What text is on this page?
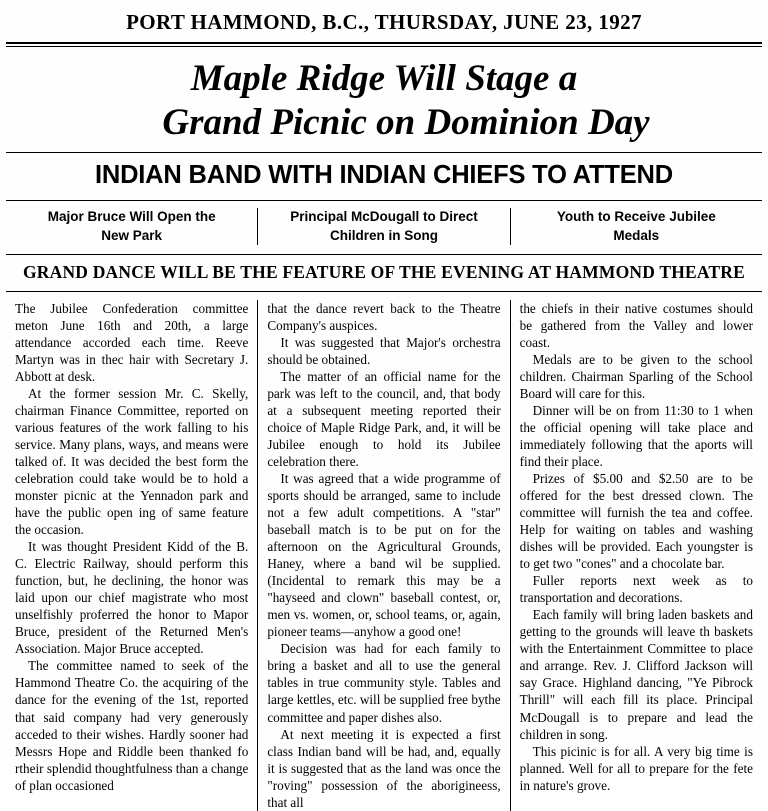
PORT HAMMOND, B.C., THURSDAY, JUNE 23, 1927
Maple Ridge Will Stage a
Grand Picnic on Dominion Day
INDIAN BAND WITH INDIAN CHIEFS TO ATTEND
Major Bruce Will Open the
New Park
Principal McDougall to Direct
Children in Song
Youth to Receive Jubilee
Medals
GRAND DANCE WILL BE THE FEATURE OF THE EVENING AT HAMMOND THEATRE

The Jubilee Confederation committee meton June 16th and 20th, a large attendance accorded each time. Reeve Martyn was in thec hair with Secretary J. Abbott at desk.

At the former session Mr. C. Skelly, chairman Finance Committee, reported on various features of the work falling to his service. Many plans, ways, and means were talked of. It was decided the best form the celebration could take would be to hold a monster picnic at the Yennadon park and have the public open ing of same feature the occasion.

It was thought President Kidd of the B. C. Electric Railway, should perform this function, but, he declining, the honor was laid upon our chief magistrate who most unselfishly proferred the honor to Mapor Bruce, president of the Returned Men's Association. Major Bruce accepted.

The committee named to seek of the Hammond Theatre Co. the acquiring of the dance for the evening of the 1st, reported that said company had very generously acceded to their wishes. Hardly sooner had Messrs Hope and Riddle been thanked fo rtheir splendid thoughtfulness than a change of plan occasioned

that the dance revert back to the Theatre Company's auspices.

It was suggested that Major's orchestra should be obtained.

The matter of an official name for the park was left to the council, and, that body at a subsequent meeting reported their choice of Maple Ridge Park, and, it will be Jubilee enough to hold its Jubilee celebration there.

It was agreed that a wide programme of sports should be arranged, same to include not a few adult competitions. A "star" baseball match is to be put on for the afternoon on the Agricultural Grounds, Haney, where a band wil be supplied. (Incidental to remark this may be a "hayseed and clown" baseball contest, or, men vs. women, or, school teams, or, again, pioneer teams—anyhow a good one!

Decision was had for each family to bring a basket and all to use the general tables in true community style. Tables and large kettles, etc. will be supplied free bythe committee and paper dishes also.

At next meeting it is expected a first class Indian band will be had, and, equally it is suggested that as the land was once the "roving" possession of the aborigineess, that all

the chiefs in their native costumes should be gathered from the Valley and lower coast.

Medals are to be given to the school children. Chairman Sparling of the School Board will care for this.

Dinner will be on from 11:30 to 1 when the official opening will take place and immediately following that the aports will find their place.

Prizes of $5.00 and $2.50 are to be offered for the best dressed clown. The committee will furnish the tea and coffee. Help for waiting on tables and washing dishes will be provided. Each youngster is to get two "cones" and a chocolate bar.

Fuller reports next week as to transportation and decorations.

Each family will bring laden baskets and getting to the grounds will leave th baskets with the Entertainment Committee to place and arrange. Rev. J. Clifford Jackson will say Grace. Highland dancing, "Ye Pibrock Thrill" will each fill its place. Principal McDougall is to prepare and lead the children in song.

This picinic is for all. A very big time is planned. Well for all to prepare for the fete in nature's grove.
